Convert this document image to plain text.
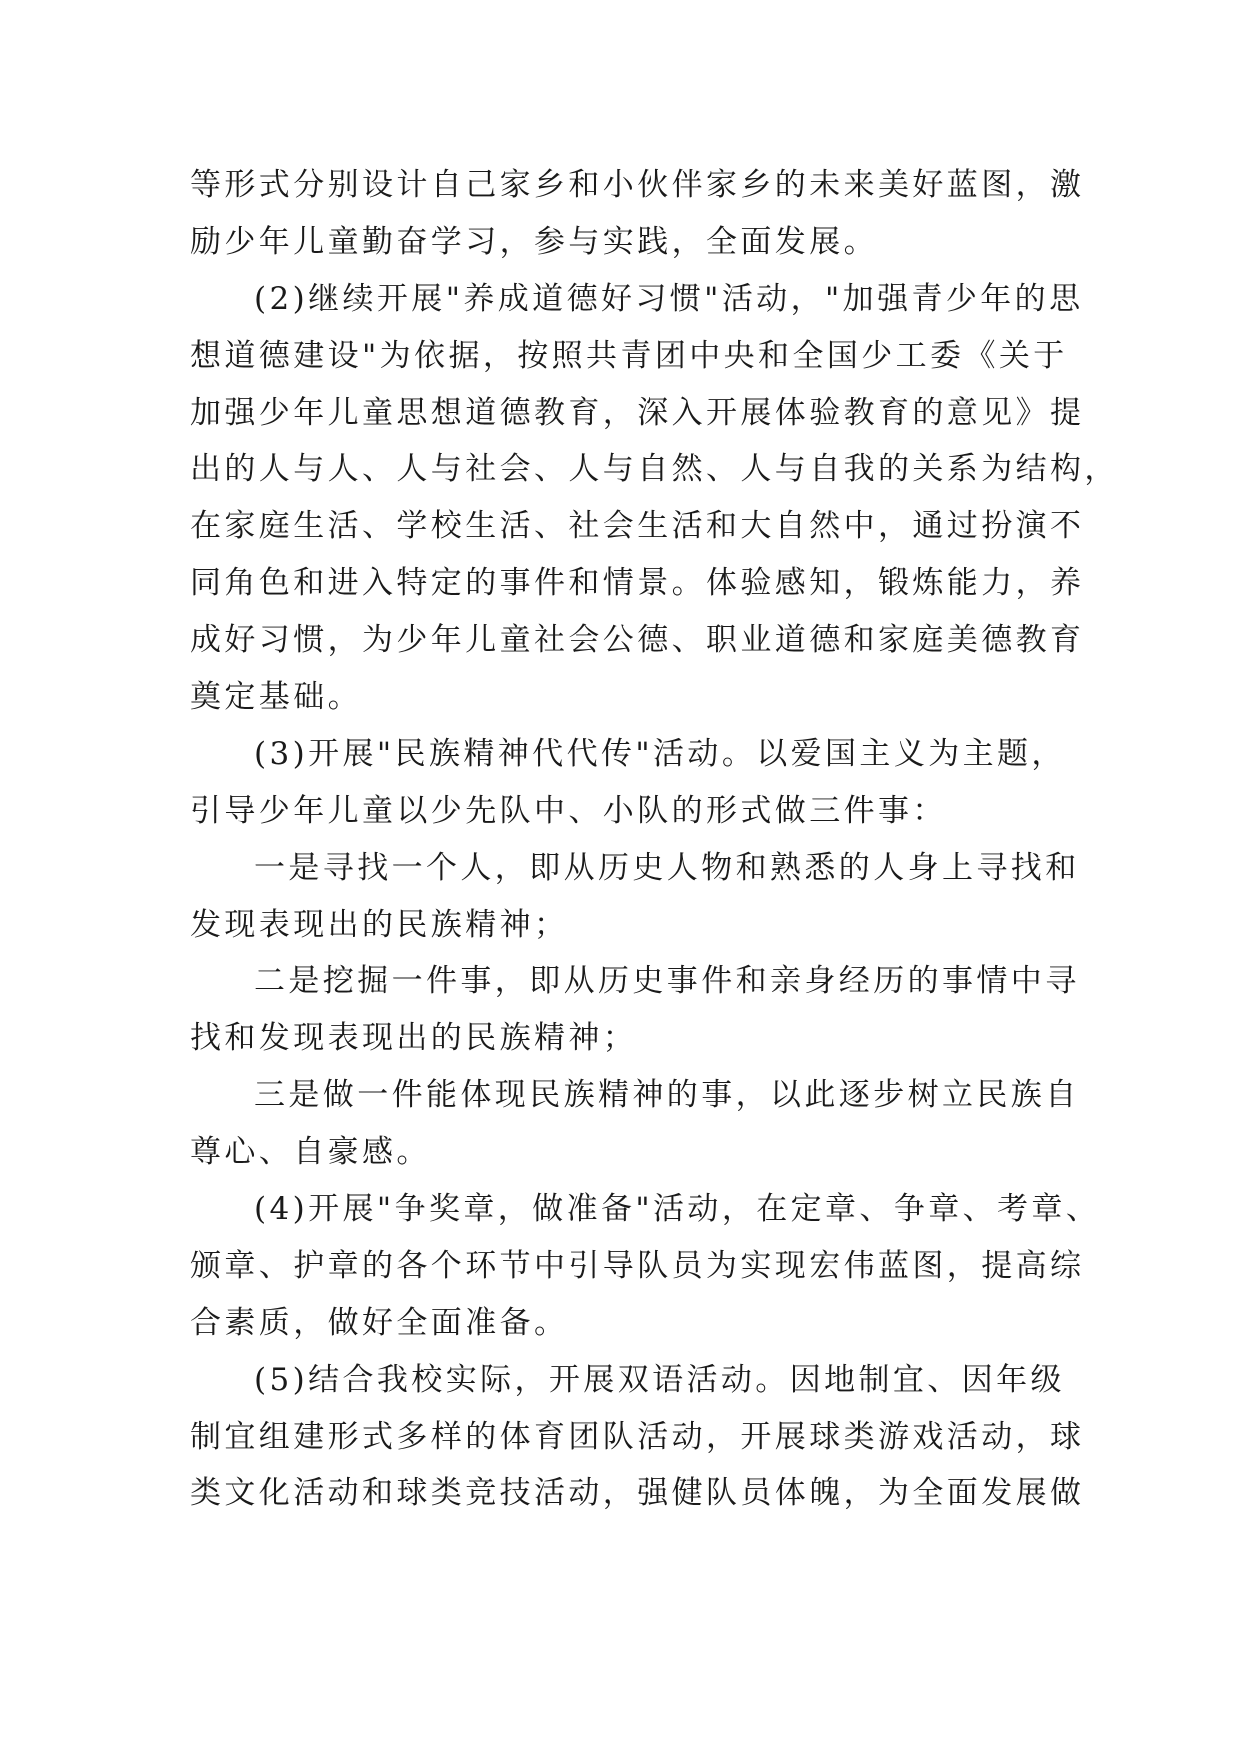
等形式分别设计自己家乡和小伙伴家乡的未来美好蓝图，激
励少年儿童勤奋学习，参与实践，全面发展。
(2)继续开展"养成道德好习惯"活动，"加强青少年的思
想道德建设"为依据，按照共青团中央和全国少工委《关于
加强少年儿童思想道德教育，深入开展体验教育的意见》提
出的人与人、人与社会、人与自然、人与自我的关系为结构，
在家庭生活、学校生活、社会生活和大自然中，通过扮演不
同角色和进入特定的事件和情景。体验感知，锻炼能力，养
成好习惯，为少年儿童社会公德、职业道德和家庭美德教育
奠定基础。
(3)开展"民族精神代代传"活动。以爱国主义为主题，
引导少年儿童以少先队中、小队的形式做三件事：
一是寻找一个人，即从历史人物和熟悉的人身上寻找和
发现表现出的民族精神；
二是挖掘一件事，即从历史事件和亲身经历的事情中寻
找和发现表现出的民族精神；
三是做一件能体现民族精神的事，以此逐步树立民族自
尊心、自豪感。
(4)开展"争奖章，做准备"活动，在定章、争章、考章、
颁章、护章的各个环节中引导队员为实现宏伟蓝图，提高综
合素质，做好全面准备。
(5)结合我校实际，开展双语活动。因地制宜、因年级
制宜组建形式多样的体育团队活动，开展球类游戏活动，球
类文化活动和球类竞技活动，强健队员体魄，为全面发展做
